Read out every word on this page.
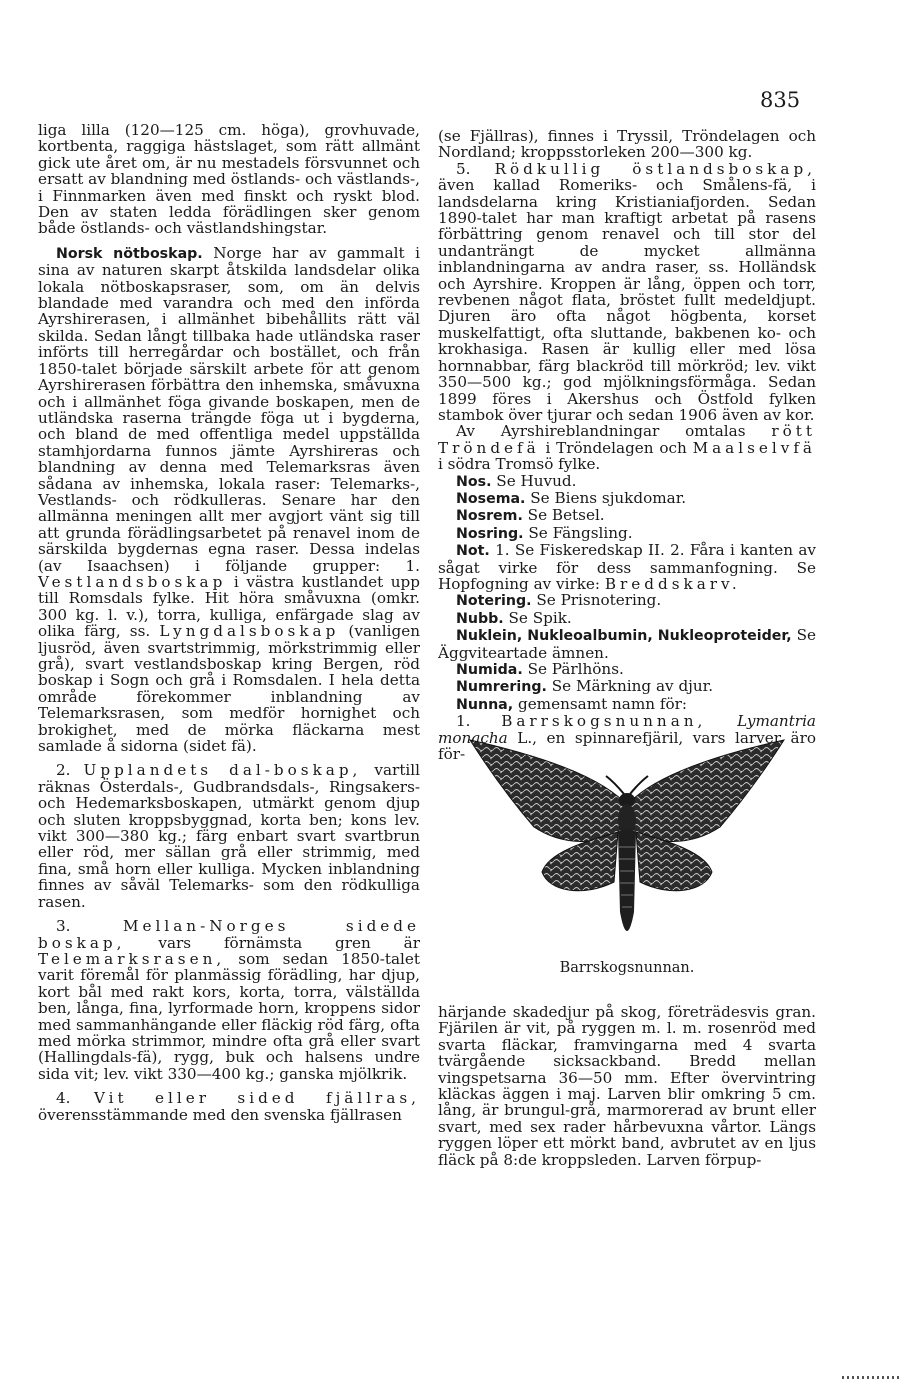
835

liga lilla (120—125 cm. höga), grovhuvade, kortbenta, raggiga hästslaget, som rätt allmänt gick ute året om, är nu mestadels försvunnet och ersatt av blandning med östlands- och västlands-, i Finnmarken även med finskt och ryskt blod. Den av staten ledda förädlingen sker genom både östlands- och västlandshingstar.

Norsk nötboskap. Norge har av gammalt i sina av naturen skarpt åtskilda landsdelar olika lokala nötboskapsraser, som, om än delvis blandade med varandra och med den införda Ayrshirerasen, i allmänhet bibehållits rätt väl skilda. Sedan långt tillbaka hade utländska raser införts till herregårdar och bostället, och från 1850-talet började särskilt arbete för att genom Ayrshirerasen förbättra den inhemska, småvuxna och i allmänhet föga givande boskapen, men de utländska raserna trängde föga ut i bygderna, och bland de med offentliga medel uppställda stamhjordarna funnos jämte Ayrshireras och blandning av denna med Telemarksras även sådana av inhemska, lokala raser: Telemarks-, Vestlands- och rödkulleras. Senare har den allmänna meningen allt mer avgjort vänt sig till att grunda förädlingsarbetet på renavel inom de särskilda bygdernas egna raser. Dessa indelas (av Isaachsen) i följande grupper: 1. Vestlandsboskap i västra kustlandet upp till Romsdals fylke. Hit höra småvuxna (omkr. 300 kg. l. v.), torra, kulliga, enfärgade slag av olika färg, ss. Lyngdalsboskap (vanligen ljusröd, även svartstrimmig, mörkstrimmig eller grå), svart vestlandsboskap kring Bergen, röd boskap i Sogn och grå i Romsdalen. I hela detta område förekommer inblandning av Telemarksrasen, som medför hornighet och brokighet, med de mörka fläckarna mest samlade å sidorna (sidet fä).

2. Upplandets dal-boskap, vartill räknas Österdals-, Gudbrandsdals-, Ringsakers- och Hedemarksboskapen, utmärkt genom djup och sluten kroppsbyggnad, korta ben; kons lev. vikt 300—380 kg.; färg enbart svart svartbrun eller röd, mer sällan grå eller strimmig, med fina, små horn eller kulliga. Mycken inblandning finnes av såväl Telemarks- som den rödkulliga rasen.

3. Mellan-Norges sidede boskap, vars förnämsta gren är Telemarksrasen, som sedan 1850-talet varit föremål för planmässig förädling, har djup, kort bål med rakt kors, korta, torra, välställda ben, långa, fina, lyrformade horn, kroppens sidor med sammanhängande eller fläckig röd färg, ofta med mörka strimmor, mindre ofta grå eller svart (Hallingdals-fä), rygg, buk och halsens undre sida vit; lev. vikt 330—400 kg.; ganska mjölkrik.

4. Vit eller sided fjällras, överensstämmande med den svenska fjällrasen

(se Fjällras), finnes i Tryssil, Tröndelagen och Nordland; kroppsstorleken 200—300 kg.

5. Rödkullig östlandsboskap, även kallad Romeriks- och Smålens-fä, i landsdelarna kring Kristianiafjorden. Sedan 1890-talet har man kraftigt arbetat på rasens förbättring genom renavel och till stor del undanträngt de mycket allmänna inblandningarna av andra raser, ss. Holländsk och Ayrshire. Kroppen är lång, öppen och torr, revbenen något flata, bröstet fullt medeldjupt. Djuren äro ofta något högbenta, korset muskelfattigt, ofta sluttande, bakbenen ko- och krokhasiga. Rasen är kullig eller med lösa hornnabbar, färg blackröd till mörkröd; lev. vikt 350—500 kg.; god mjölkningsförmåga. Sedan 1899 föres i Akershus och Östfold fylken stambok över tjurar och sedan 1906 även av kor.

Av Ayrshireblandningar omtalas rött Tröndefä i Tröndelagen och Maalselvfä i södra Tromsö fylke.

Nos. Se Huvud.

Nosema. Se Biens sjukdomar.

Nosrem. Se Betsel.

Nosring. Se Fängsling.

Not. 1. Se Fiskeredskap II. 2. Fåra i kanten av sågat virke för dess sammanfogning. Se Hopfogning av virke: Breddskarv.

Notering. Se Prisnotering.

Nubb. Se Spik.

Nuklein, Nukleoalbumin, Nukleoproteider, Se Äggviteartade ämnen.

Numida. Se Pärlhöns.

Numrering. Se Märkning av djur.

Nunna, gemensamt namn för:

1. Barrskogsnunnan, Lymantria monacha L., en spinnarefjäril, vars larver äro för-

Barrskogsnunnan.

härjande skadedjur på skog, företrädesvis gran. Fjärilen är vit, på ryggen m. l. m. rosenröd med svarta fläckar, framvingarna med 4 svarta tvärgående sicksackband. Bredd mellan vingspetsarna 36—50 mm. Efter övervintring kläckas äggen i maj. Larven blir omkring 5 cm. lång, är brungul-grå, marmorerad av brunt eller svart, med sex rader hårbevuxna vårtor. Längs ryggen löper ett mörkt band, avbrutet av en ljus fläck på 8:de kroppsleden. Larven förpup-
